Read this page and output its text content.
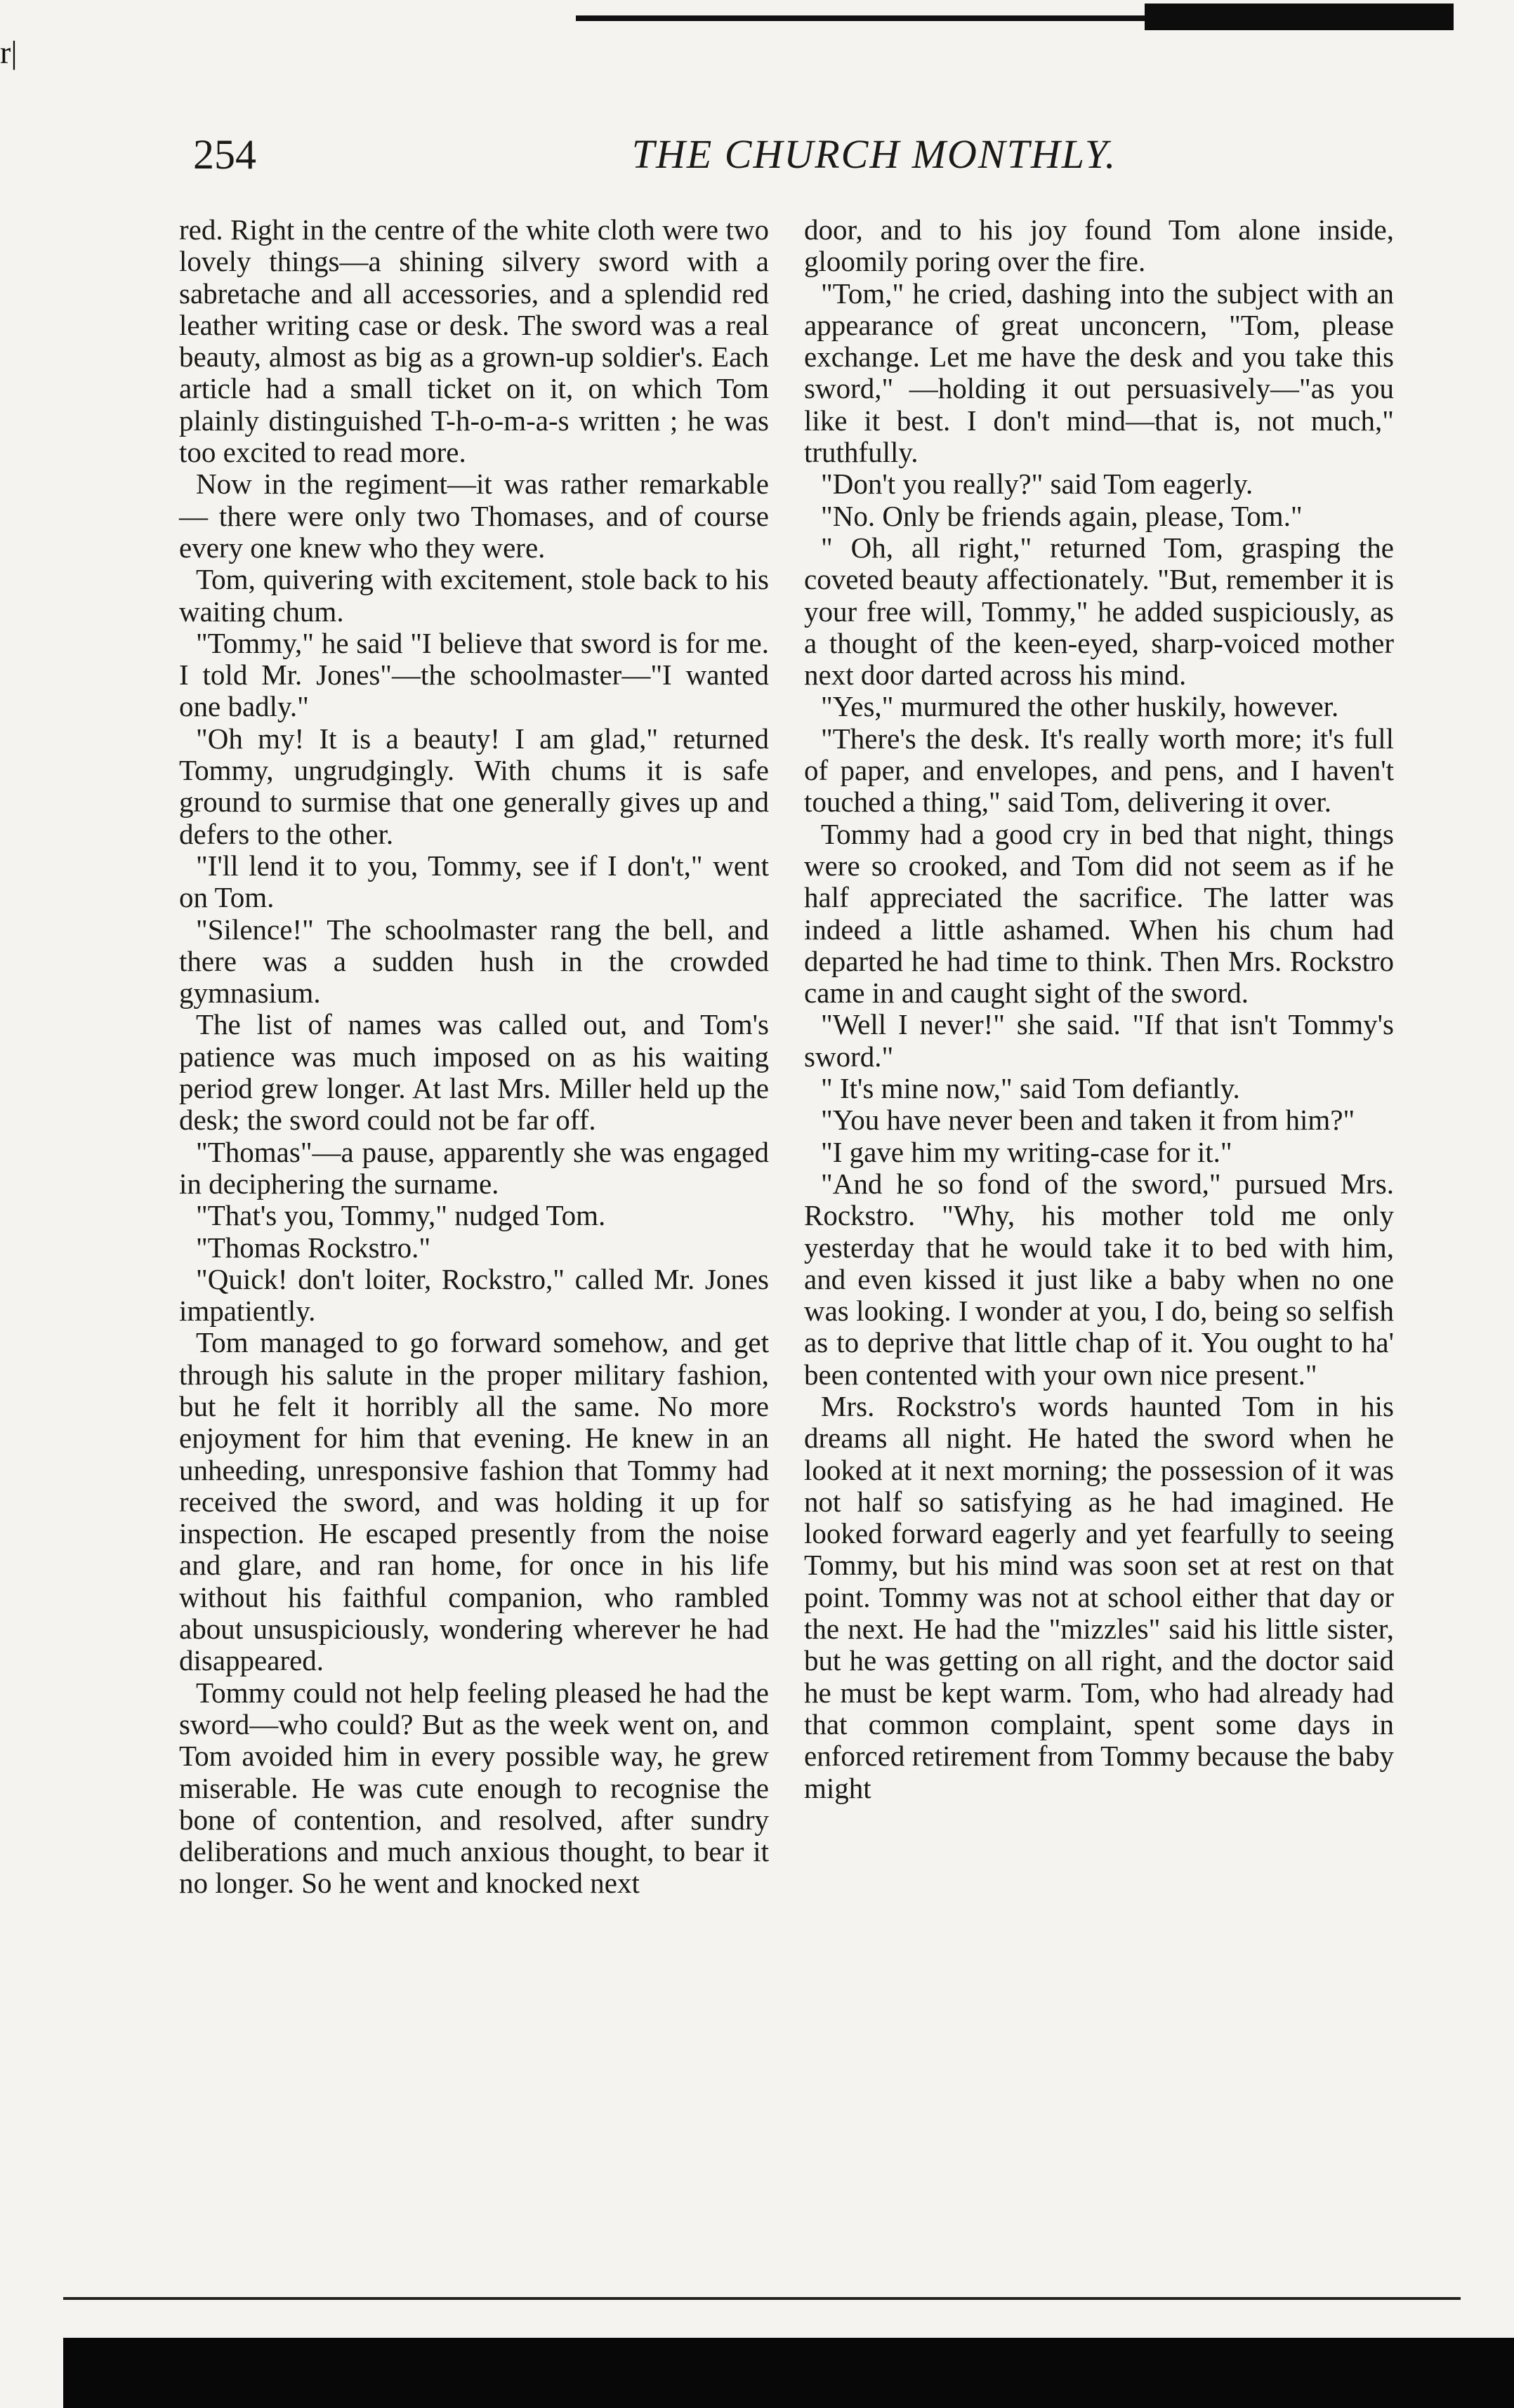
r|
254	THE CHURCH MONTHLY.

red. Right in the centre of the white cloth were two lovely things—a shining silvery sword with a sabretache and all accessories, and a splendid red leather writing case or desk. The sword was a real beauty, almost as big as a grown-up soldier's. Each article had a small ticket on it, on which Tom plainly distinguished T-h-o-m-a-s written ; he was too excited to read more.

Now in the regiment—it was rather remarkable — there were only two Thomases, and of course every one knew who they were.

Tom, quivering with excitement, stole back to his waiting chum.

"Tommy," he said "I believe that sword is for me. I told Mr. Jones"—the schoolmaster—"I wanted one badly."

"Oh my! It is a beauty! I am glad," returned Tommy, ungrudgingly. With chums it is safe ground to surmise that one generally gives up and defers to the other.

"I'll lend it to you, Tommy, see if I don't," went on Tom.

"Silence!" The schoolmaster rang the bell, and there was a sudden hush in the crowded gymnasium.

The list of names was called out, and Tom's patience was much imposed on as his waiting period grew longer. At last Mrs. Miller held up the desk; the sword could not be far off.

"Thomas"—a pause, apparently she was engaged in deciphering the surname.

"That's you, Tommy," nudged Tom.

"Thomas Rockstro."

"Quick! don't loiter, Rockstro," called Mr. Jones impatiently.

Tom managed to go forward somehow, and get through his salute in the proper military fashion, but he felt it horribly all the same. No more enjoyment for him that evening. He knew in an unheeding, unresponsive fashion that Tommy had received the sword, and was holding it up for inspection. He escaped presently from the noise and glare, and ran home, for once in his life without his faithful companion, who rambled about unsuspiciously, wondering wherever he had disappeared.

Tommy could not help feeling pleased he had the sword—who could? But as the week went on, and Tom avoided him in every possible way, he grew miserable. He was cute enough to recognise the bone of contention, and resolved, after sundry deliberations and much anxious thought, to bear it no longer. So he went and knocked next

door, and to his joy found Tom alone inside, gloomily poring over the fire.

"Tom," he cried, dashing into the subject with an appearance of great unconcern, "Tom, please exchange. Let me have the desk and you take this sword," —holding it out persuasively—"as you like it best. I don't mind—that is, not much," truthfully.

"Don't you really?" said Tom eagerly.

"No. Only be friends again, please, Tom."

" Oh, all right," returned Tom, grasping the coveted beauty affectionately. "But, remember it is your free will, Tommy," he added suspiciously, as a thought of the keen-eyed, sharp-voiced mother next door darted across his mind.

"Yes," murmured the other huskily, however.

"There's the desk. It's really worth more; it's full of paper, and envelopes, and pens, and I haven't touched a thing," said Tom, delivering it over.

Tommy had a good cry in bed that night, things were so crooked, and Tom did not seem as if he half appreciated the sacrifice. The latter was indeed a little ashamed. When his chum had departed he had time to think. Then Mrs. Rockstro came in and caught sight of the sword.

"Well I never!" she said. "If that isn't Tommy's sword."

" It's mine now," said Tom defiantly.

"You have never been and taken it from him?"

"I gave him my writing-case for it."

"And he so fond of the sword," pursued Mrs. Rockstro. "Why, his mother told me only yesterday that he would take it to bed with him, and even kissed it just like a baby when no one was looking. I wonder at you, I do, being so selfish as to deprive that little chap of it. You ought to ha' been contented with your own nice present."

Mrs. Rockstro's words haunted Tom in his dreams all night. He hated the sword when he looked at it next morning; the possession of it was not half so satisfying as he had imagined. He looked forward eagerly and yet fearfully to seeing Tommy, but his mind was soon set at rest on that point. Tommy was not at school either that day or the next. He had the "mizzles" said his little sister, but he was getting on all right, and the doctor said he must be kept warm. Tom, who had already had that common complaint, spent some days in enforced retirement from Tommy because the baby might
